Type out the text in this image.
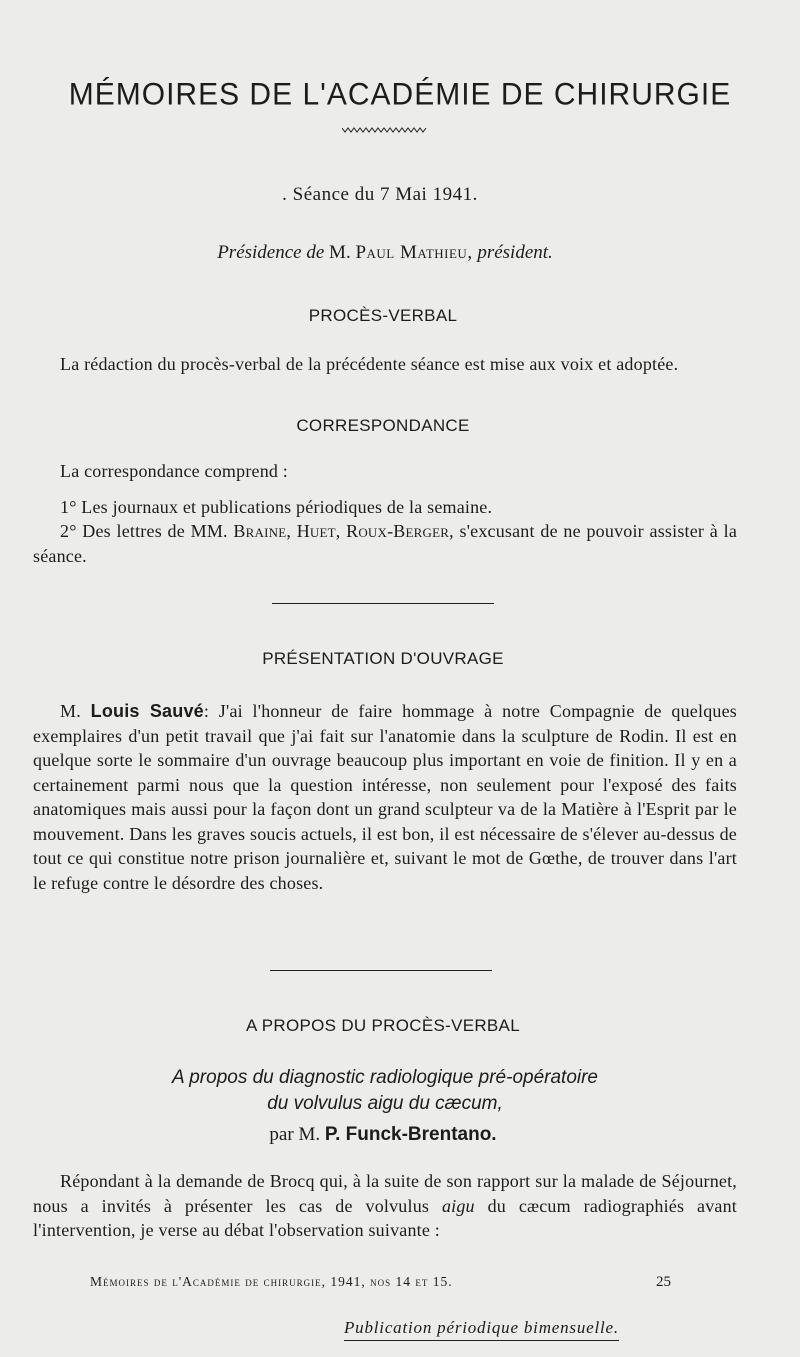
MÉMOIRES DE L'ACADÉMIE DE CHIRURGIE
. Séance du 7 Mai 1941.
Présidence de M. Paul Mathieu, président.
PROCÈS-VERBAL
La rédaction du procès-verbal de la précédente séance est mise aux voix et adoptée.
CORRESPONDANCE
La correspondance comprend :
1° Les journaux et publications périodiques de la semaine.
2° Des lettres de MM. Braine, Huet, Roux-Berger, s'excusant de ne pouvoir assister à la séance.
PRÉSENTATION D'OUVRAGE
M. Louis Sauvé: J'ai l'honneur de faire hommage à notre Compagnie de quelques exemplaires d'un petit travail que j'ai fait sur l'anatomie dans la sculpture de Rodin. Il est en quelque sorte le sommaire d'un ouvrage beaucoup plus important en voie de finition. Il y en a certainement parmi nous que la question intéresse, non seulement pour l'exposé des faits anatomiques mais aussi pour la façon dont un grand sculpteur va de la Matière à l'Esprit par le mouvement. Dans les graves soucis actuels, il est bon, il est nécessaire de s'élever au-dessus de tout ce qui constitue notre prison journalière et, suivant le mot de Gœthe, de trouver dans l'art le refuge contre le désordre des choses.
A PROPOS DU PROCÈS-VERBAL
A propos du diagnostic radiologique pré-opératoire
du volvulus aigu du cæcum,
par M. P. Funck-Brentano.
Répondant à la demande de Brocq qui, à la suite de son rapport sur la malade de Séjournet, nous a invités à présenter les cas de volvulus aigu du cæcum radiographiés avant l'intervention, je verse au débat l'observation suivante :
Mémoires de l'Académie de chirurgie, 1941, nos 14 et 15.	25
Publication périodique bimensuelle.
